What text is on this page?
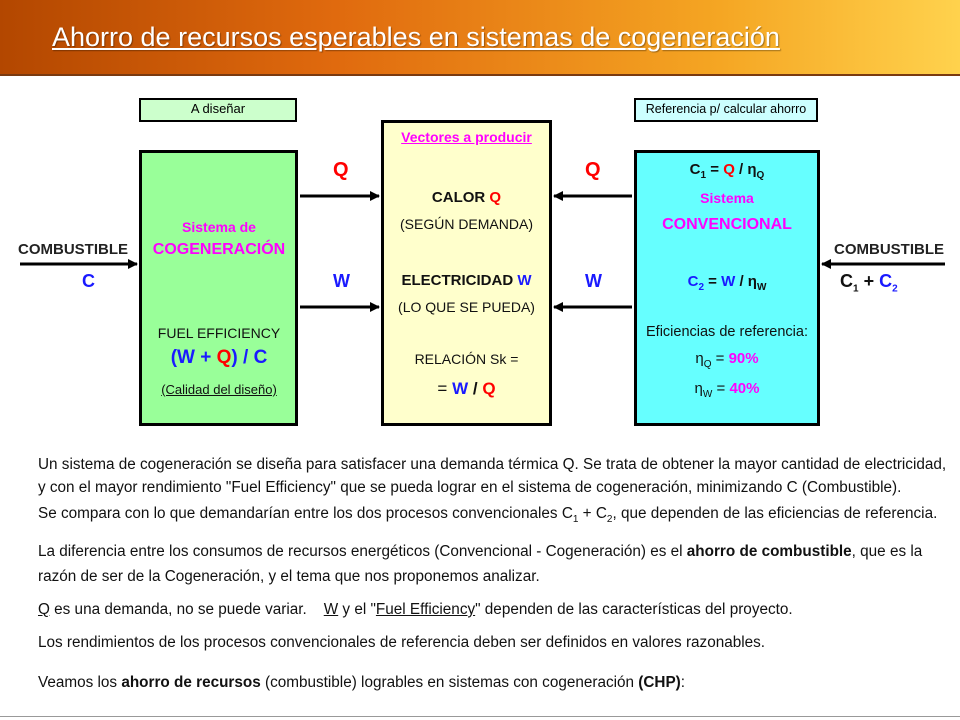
Ahorro de recursos esperables en sistemas de cogeneración
A diseñar	Referencia p/ calcular ahorro
COMBUSTIBLE
C
Q
W
Q
W
COMBUSTIBLE
$C_1 + C_2$
Sistema de
COGENERACIÓN
FUEL EFFICIENCY
(W + Q) / C
(Calidad del diseño)
Vectores a producir
CALOR Q
(SEGÚN DEMANDA)
ELECTRICIDAD W
(LO QUE SE PUEDA)
RELACIÓN Sk =
= W / Q
$C_1 = Q / \eta_Q$
Sistema
CONVENCIONAL
$C_2 = W / \eta_W$
Eficiencias de referencia:
$\eta_Q = 90\%$
$\eta_W = 40\%$
Un sistema de cogeneración se diseña para satisfacer una demanda térmica Q. Se trata de obtener la mayor cantidad de electricidad,
y con el mayor rendimiento "Fuel Efficiency" que se pueda lograr en el sistema de cogeneración, minimizando C (Combustible).
Se compara con lo que demandarían entre los dos procesos convencionales $C_1 + C_2$, que dependen de las eficiencias de referencia.
La diferencia entre los consumos de recursos energéticos (Convencional - Cogeneración) es el ahorro de combustible, que es la
razón de ser de la Cogeneración, y el tema que nos proponemos analizar.
Q es una demanda, no se puede variar.    W y el "Fuel Efficiency" dependen de las características del proyecto.
Los rendimientos de los procesos convencionales de referencia deben ser definidos en valores razonables.
Veamos los ahorro de recursos (combustible) logrables en sistemas con cogeneración (CHP):
